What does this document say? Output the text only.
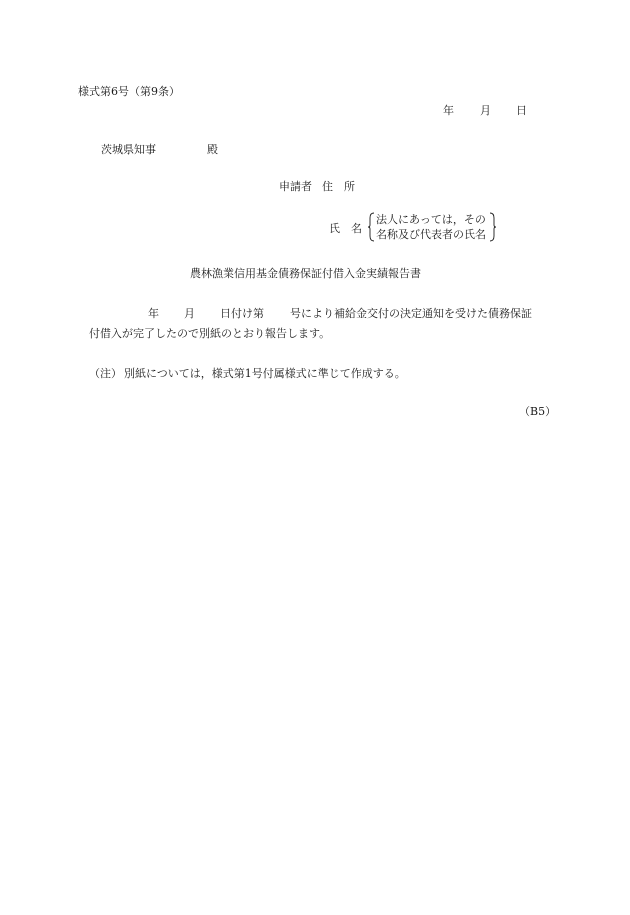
様式第6号（第9条）
年 月 日
茨城県知事	殿
申請者 住　所
氏　名
法人にあっては，その
名称及び代表者の氏名
農林漁業信用基金債務保証付借入金実績報告書
年 月 日付け第 号により補給金交付の決定通知を受けた債務保証
付借入が完了したので別紙のとおり報告します。
（注） 別紙については，様式第1号付属様式に準じて作成する。
（B5）
